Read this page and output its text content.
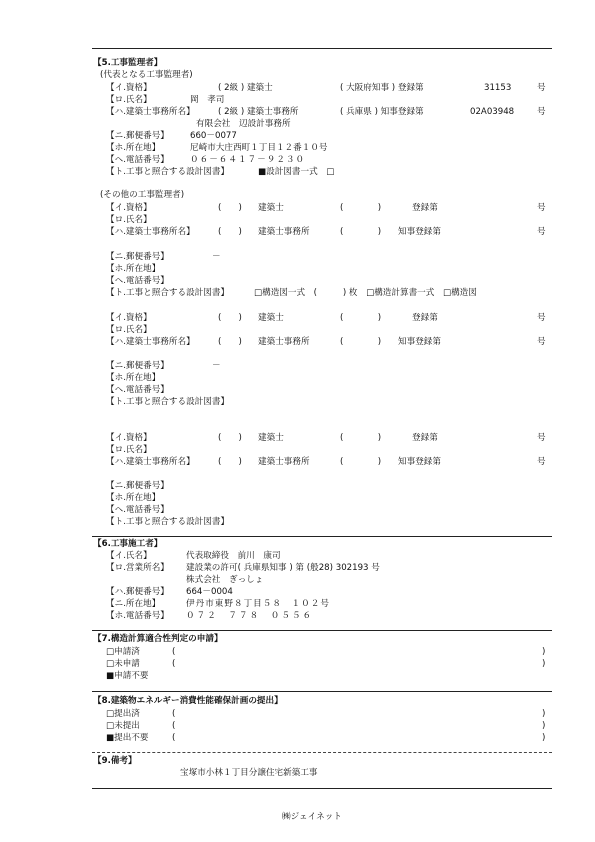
【5.工事監理者】
(代表となる工事監理者)
【イ.資格】	( 2級 ) 建築士	( 大阪府知事 ) 登録第	31153	号
【ロ.氏名】	岡　孝司
【ハ.建築士事務所名】	( 2級 ) 建築士事務所	( 兵庫県 ) 知事登録第	02A03948	号
有限会社　辺設計事務所
【ニ.郵便番号】 660－0077
【ホ.所在地】	尼崎市大庄西町１丁目１２番１０号
【ヘ.電話番号】 ０６－６４１７－９２３０
【ト.工事と照合する設計図書】	■設計図書一式　□
(その他の工事監理者)
【イ.資格】	(　　) 建築士	(　　　　)	登録第	号
【ロ.氏名】
【ハ.建築士事務所名】	(　　) 建築士事務所	(　　　　) 知事登録第	号
【ニ.郵便番号】	－
【ホ.所在地】
【ヘ.電話番号】
【ト.工事と照合する設計図書】	□構造図一式　(　　　) 枚　□構造計算書一式　□構造図
【イ.資格】	(　　) 建築士	(　　　　)	登録第	号
【ロ.氏名】
【ハ.建築士事務所名】	(　　) 建築士事務所	(　　　　) 知事登録第	号
【ニ.郵便番号】	－
【ホ.所在地】
【ヘ.電話番号】
【ト.工事と照合する設計図書】
【イ.資格】	(　　) 建築士	(　　　　)	登録第	号
【ロ.氏名】
【ハ.建築士事務所名】	(　　) 建築士事務所	(　　　　) 知事登録第	号
【ニ.郵便番号】
【ホ.所在地】
【ヘ.電話番号】
【ト.工事と照合する設計図書】
【6.工事施工者】
【イ.氏名】	代表取締役　前川　康司
【ロ.営業所名】 建設業の許可( 兵庫県知事 ) 第 (般28) 302193 号
株式会社　ぎっしょ
【ハ.郵便番号】 664－0004
【ニ.所在地】	伊丹市東野８丁目５８　１０２号
【ホ.電話番号】 ０７２　７７８　０５５６
【7.構造計算適合性判定の申請】
□申請済	(	)
□未申請	(	)
■申請不要
【8.建築物エネルギー消費性能確保計画の提出】
□提出済	(	)
□未提出	(	)
■提出不要	(	)
【9.備考】
宝塚市小林１丁目分譲住宅新築工事
㈱ジェイネット
